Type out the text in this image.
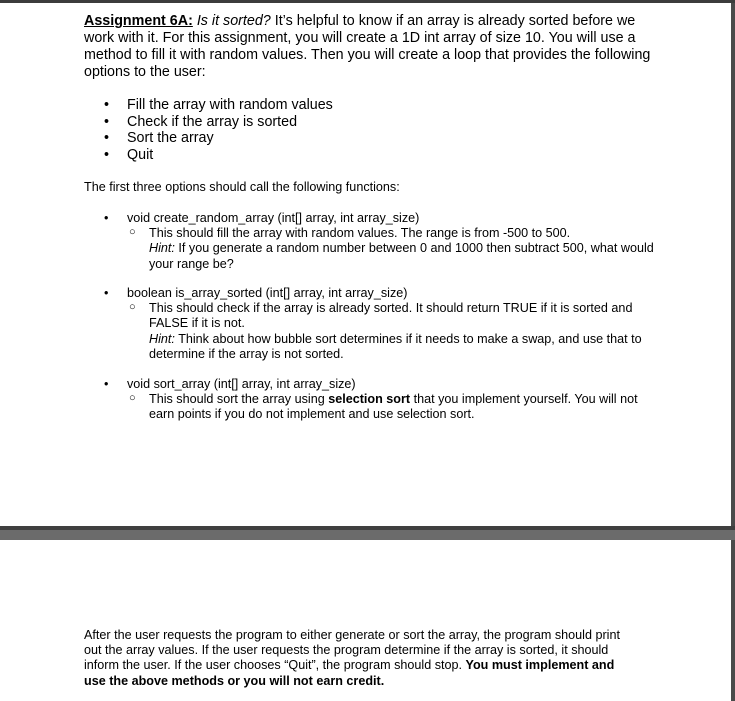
Assignment 6A: Is it sorted? It’s helpful to know if an array is already sorted before we work with it. For this assignment, you will create a 1D int array of size 10. You will use a method to fill it with random values. Then you will create a loop that provides the following options to the user:

• Fill the array with random values
• Check if the array is sorted
• Sort the array
• Quit

The first three options should call the following functions:

• void create_random_array (int[] array, int array_size)
○ This should fill the array with random values. The range is from -500 to 500.
Hint: If you generate a random number between 0 and 1000 then subtract 500, what would your range be?
• boolean is_array_sorted (int[] array, int array_size)
○ This should check if the array is already sorted. It should return TRUE if it is sorted and FALSE if it is not.
Hint: Think about how bubble sort determines if it needs to make a swap, and use that to determine if the array is not sorted.
• void sort_array (int[] array, int array_size)
○ This should sort the array using selection sort that you implement yourself. You will not earn points if you do not implement and use selection sort.

After the user requests the program to either generate or sort the array, the program should print out the array values. If the user requests the program determine if the array is sorted, it should inform the user. If the user chooses “Quit”, the program should stop. You must implement and use the above methods or you will not earn credit.
